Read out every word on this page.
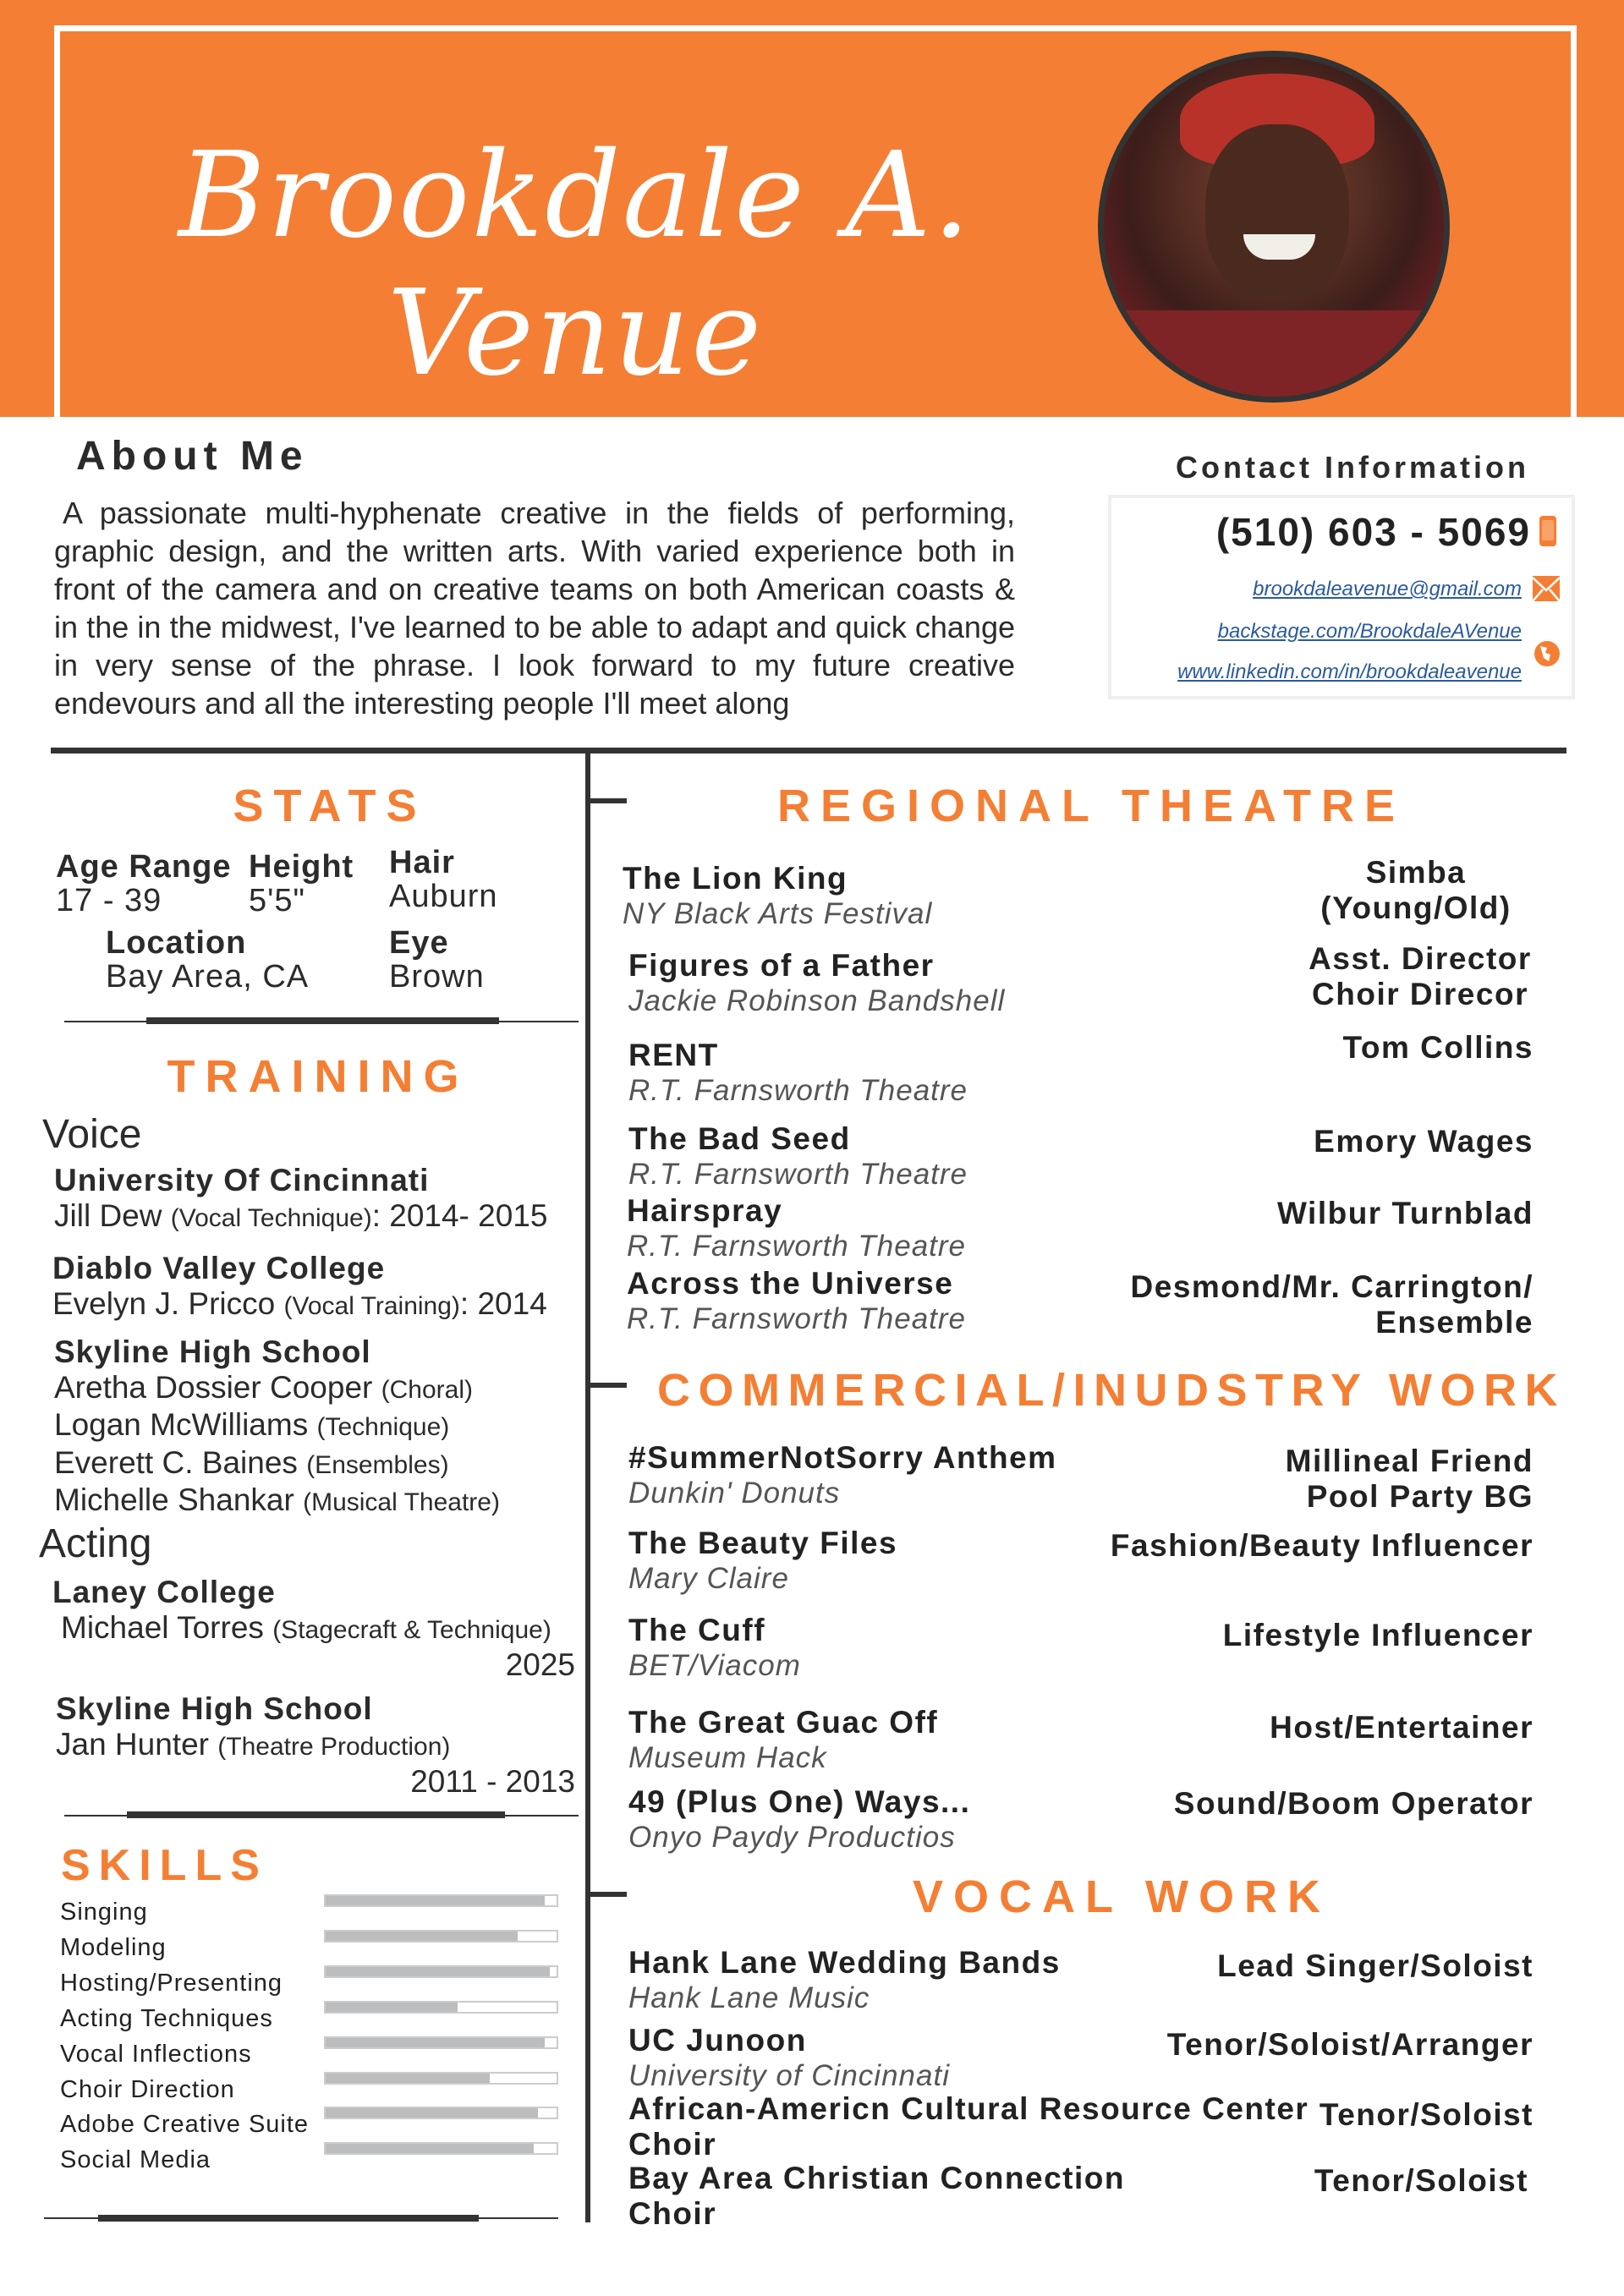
Brookdale A. Venue
About Me
A passionate multi-hyphenate creative in the fields of performing, graphic design, and the written arts. With varied experience both in front of the camera and on creative teams on both American coasts & in the in the midwest, I've learned to be able to adapt and quick change in very sense of the phrase. I look forward to my future creative endevours and all the interesting people I'll meet along
Contact Information
(510) 603 - 5069
brookdaleavenue@gmail.com
backstage.com/BrookdaleAVenue
www.linkedin.com/in/brookdaleavenue
STATS
Age Range
17 - 39
Height
5'5"
Hair
Auburn
Location
Bay Area, CA
Eye
Brown
TRAINING
Voice
University Of Cincinnati
Jill Dew (Vocal Technique): 2014- 2015
Diablo Valley College
Evelyn J. Pricco (Vocal Training): 2014
Skyline High School
Aretha Dossier Cooper (Choral)
Logan McWilliams (Technique)
Everett C. Baines (Ensembles)
Michelle Shankar (Musical Theatre)
Acting
Laney College
Michael Torres (Stagecraft & Technique)
2025
Skyline High School
Jan Hunter (Theatre Production)
2011 - 2013
SKILLS
Singing
Modeling
Hosting/Presenting
Acting Techniques
Vocal Inflections
Choir Direction
Adobe Creative Suite
Social Media
REGIONAL THEATRE
The Lion King
NY Black Arts Festival
Simba
(Young/Old)
Figures of a Father
Jackie Robinson Bandshell
Asst. Director
Choir Direcor
RENT
R.T. Farnsworth Theatre
Tom Collins
The Bad Seed
R.T. Farnsworth Theatre
Emory Wages
Hairspray
R.T. Farnsworth Theatre
Wilbur Turnblad
Across the Universe
R.T. Farnsworth Theatre
Desmond/Mr. Carrington/
Ensemble
COMMERCIAL/INUDSTRY WORK
#SummerNotSorry Anthem
Dunkin' Donuts
Millineal Friend
Pool Party BG
The Beauty Files
Mary Claire
Fashion/Beauty Influencer
The Cuff
BET/Viacom
Lifestyle Influencer
The Great Guac Off
Museum Hack
Host/Entertainer
49 (Plus One) Ways...
Onyo Paydy Productios
Sound/Boom Operator
VOCAL WORK
Hank Lane Wedding Bands
Hank Lane Music
Lead Singer/Soloist
UC Junoon
University of Cincinnati
Tenor/Soloist/Arranger
African-Americn Cultural Resource Center
Choir
Tenor/Soloist
Bay Area Christian Connection
Choir
Tenor/Soloist
